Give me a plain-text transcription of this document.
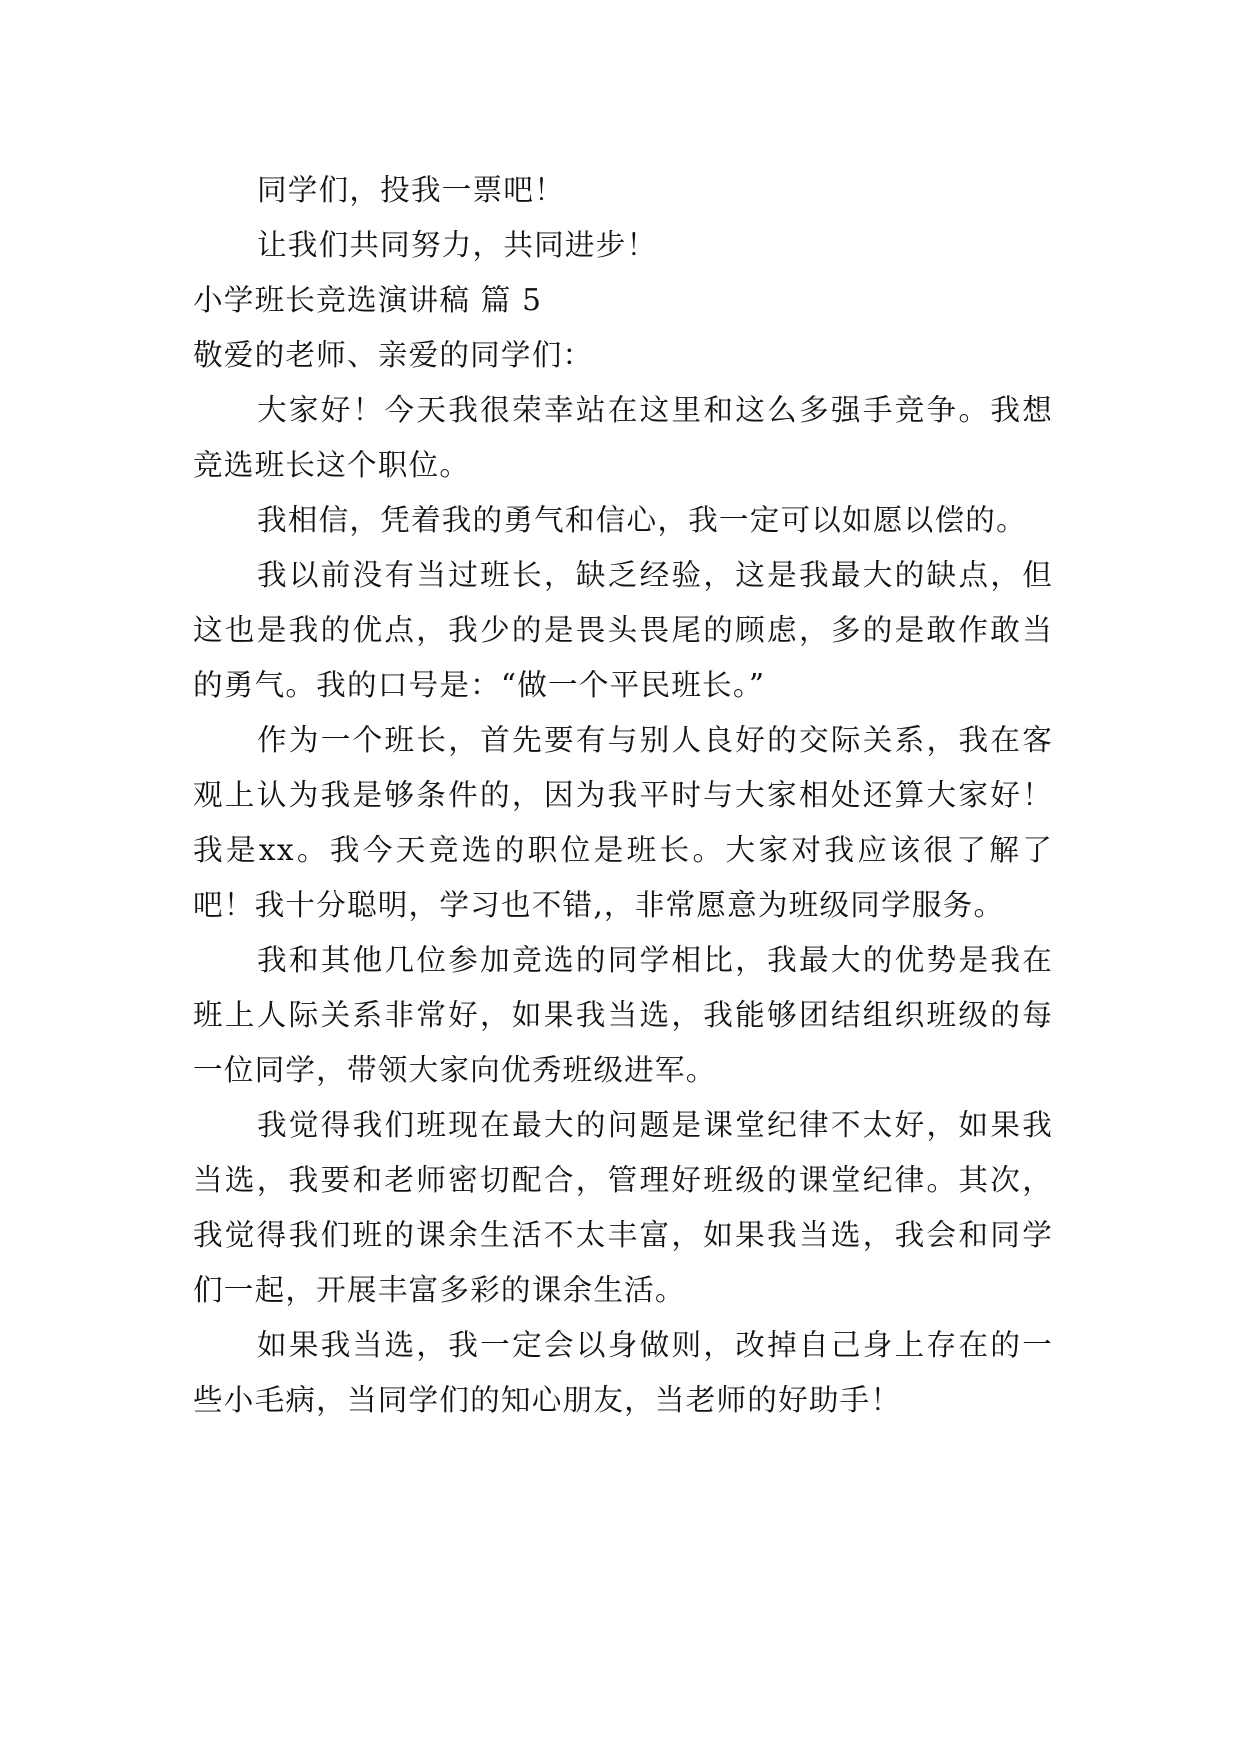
同学们，投我一票吧！

让我们共同努力，共同进步！

小学班长竞选演讲稿 篇 5

敬爱的老师、亲爱的同学们：

大家好！今天我很荣幸站在这里和这么多强手竞争。我想竞选班长这个职位。

我相信，凭着我的勇气和信心，我一定可以如愿以偿的。

我以前没有当过班长，缺乏经验，这是我最大的缺点，但这也是我的优点，我少的是畏头畏尾的顾虑，多的是敢作敢当的勇气。我的口号是：“做一个平民班长。”

作为一个班长，首先要有与别人良好的交际关系，我在客观上认为我是够条件的，因为我平时与大家相处还算大家好！我是xx。我今天竞选的职位是班长。大家对我应该很了解了吧！我十分聪明，学习也不错,，非常愿意为班级同学服务。

我和其他几位参加竞选的同学相比，我最大的优势是我在班上人际关系非常好，如果我当选，我能够团结组织班级的每一位同学，带领大家向优秀班级进军。

我觉得我们班现在最大的问题是课堂纪律不太好，如果我当选，我要和老师密切配合，管理好班级的课堂纪律。其次，我觉得我们班的课余生活不太丰富，如果我当选，我会和同学们一起，开展丰富多彩的课余生活。

如果我当选，我一定会以身做则，改掉自己身上存在的一些小毛病，当同学们的知心朋友，当老师的好助手！
